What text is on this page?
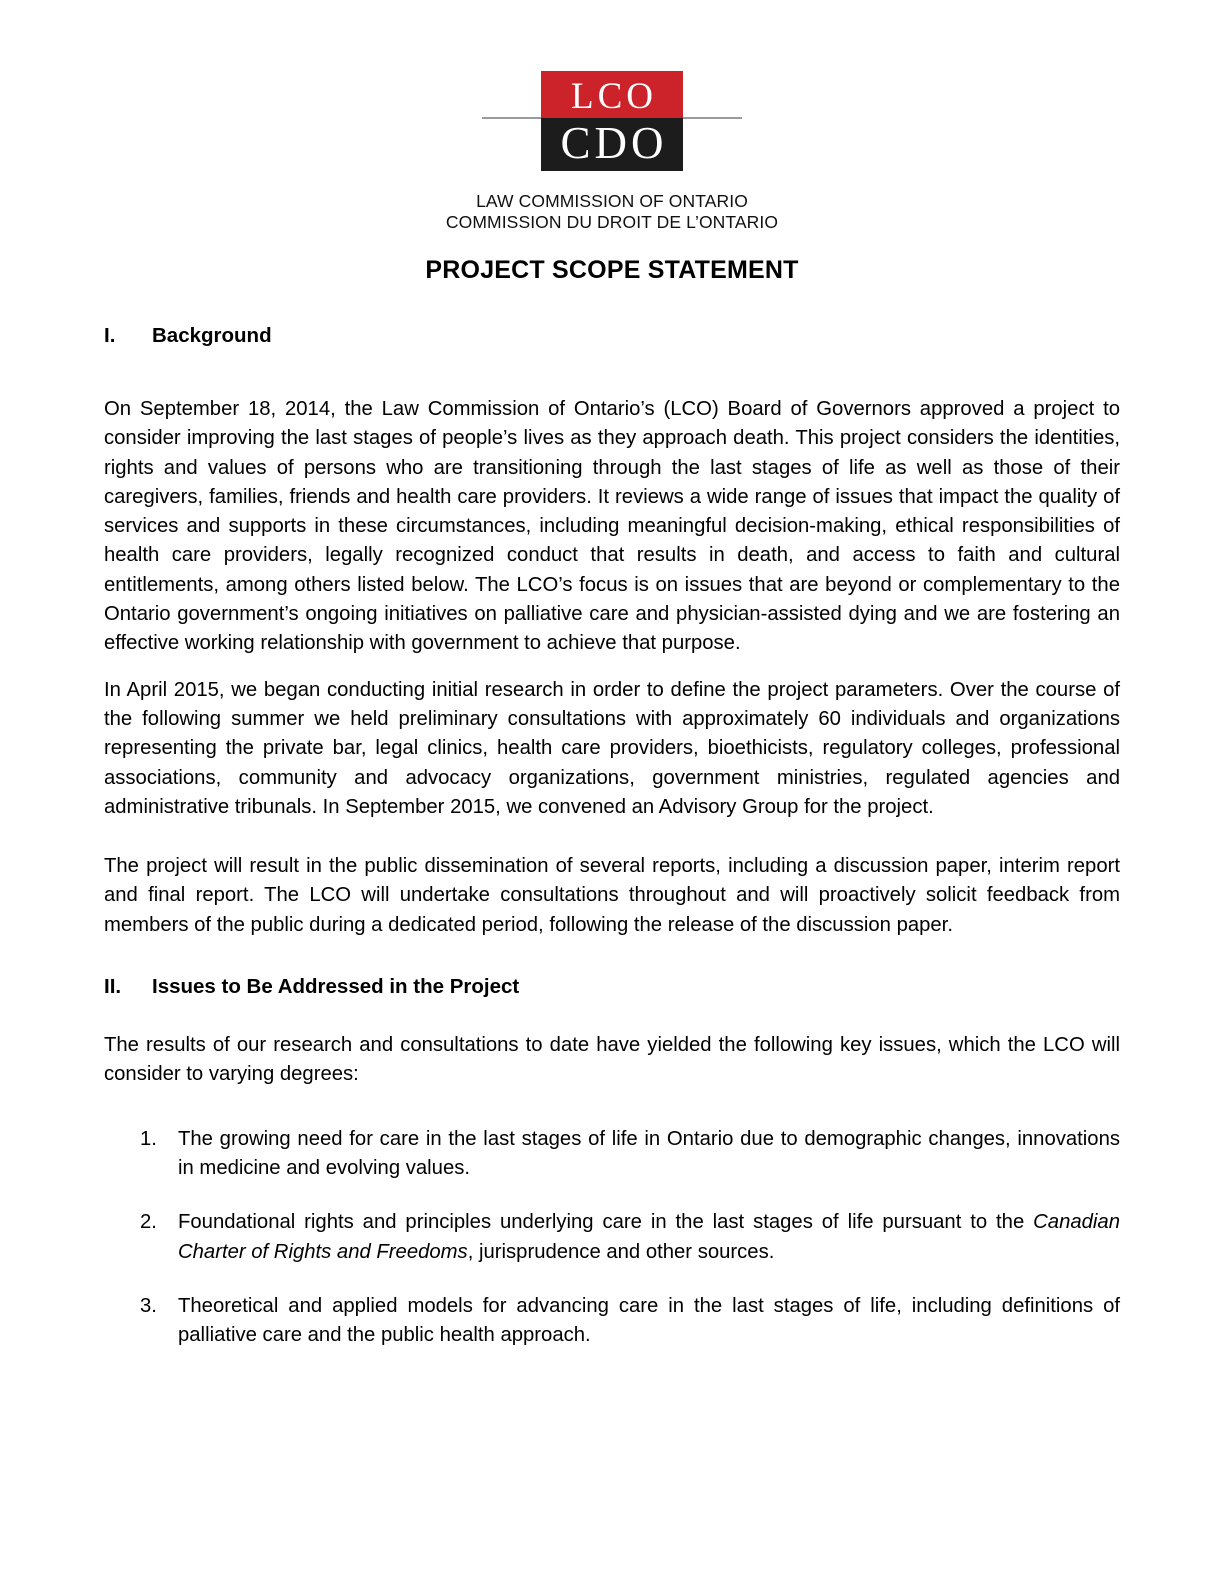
LCO
CDO
LAW COMMISSION OF ONTARIO
COMMISSION DU DROIT DE L’ONTARIO
PROJECT SCOPE STATEMENT
I.	Background

On September 18, 2014, the Law Commission of Ontario’s (LCO) Board of Governors approved a project to consider improving the last stages of people’s lives as they approach death. This project considers the identities, rights and values of persons who are transitioning through the last stages of life as well as those of their caregivers, families, friends and health care providers. It reviews a wide range of issues that impact the quality of services and supports in these circumstances, including meaningful decision-making, ethical responsibilities of health care providers, legally recognized conduct that results in death, and access to faith and cultural entitlements, among others listed below. The LCO’s focus is on issues that are beyond or complementary to the Ontario government’s ongoing initiatives on palliative care and physician-assisted dying and we are fostering an effective working relationship with government to achieve that purpose.

In April 2015, we began conducting initial research in order to define the project parameters. Over the course of the following summer we held preliminary consultations with approximately 60 individuals and organizations representing the private bar, legal clinics, health care providers, bioethicists, regulatory colleges, professional associations, community and advocacy organizations, government ministries, regulated agencies and administrative tribunals. In September 2015, we convened an Advisory Group for the project.

The project will result in the public dissemination of several reports, including a discussion paper, interim report and final report. The LCO will undertake consultations throughout and will proactively solicit feedback from members of the public during a dedicated period, following the release of the discussion paper.

II.	Issues to Be Addressed in the Project

The results of our research and consultations to date have yielded the following key issues, which the LCO will consider to varying degrees:

1.	The growing need for care in the last stages of life in Ontario due to demographic changes, innovations in medicine and evolving values.
2.	Foundational rights and principles underlying care in the last stages of life pursuant to the Canadian Charter of Rights and Freedoms, jurisprudence and other sources.
3.	Theoretical and applied models for advancing care in the last stages of life, including definitions of palliative care and the public health approach.
